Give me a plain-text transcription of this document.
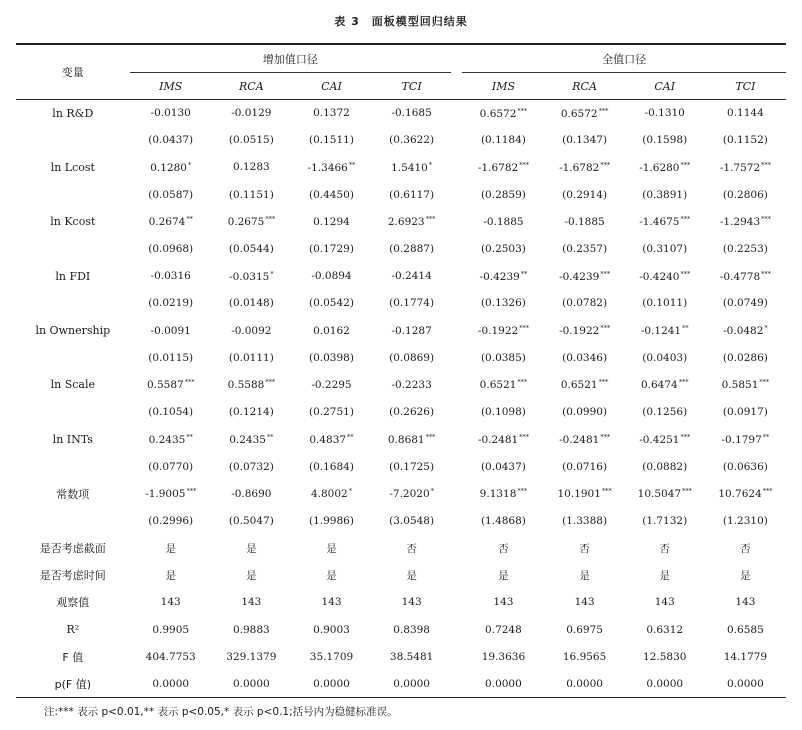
表 3 面板模型回归结果
变量	增加值口径					全值口径			
	IMS	RCA	CAI	TCI		IMS	RCA	CAI	TCI
ln R&D	-0.0130	-0.0129	0.1372	-0.1685		0.6572***	0.6572***	-0.1310	0.1144
	(0.0437)	(0.0515)	(0.1511)	(0.3622)		(0.1184)	(0.1347)	(0.1598)	(0.1152)
ln Lcost	0.1280*	0.1283	-1.3466**	1.5410*		-1.6782***	-1.6782***	-1.6280***	-1.7572***
	(0.0587)	(0.1151)	(0.4450)	(0.6117)		(0.2859)	(0.2914)	(0.3891)	(0.2806)
ln Kcost	0.2674**	0.2675***	0.1294	2.6923***		-0.1885	-0.1885	-1.4675***	-1.2943***
	(0.0968)	(0.0544)	(0.1729)	(0.2887)		(0.2503)	(0.2357)	(0.3107)	(0.2253)
ln FDI	-0.0316	-0.0315*	-0.0894	-0.2414		-0.4239**	-0.4239***	-0.4240***	-0.4778***
	(0.0219)	(0.0148)	(0.0542)	(0.1774)		(0.1326)	(0.0782)	(0.1011)	(0.0749)
ln Ownership	-0.0091	-0.0092	0.0162	-0.1287		-0.1922***	-0.1922***	-0.1241**	-0.0482*
	(0.0115)	(0.0111)	(0.0398)	(0.0869)		(0.0385)	(0.0346)	(0.0403)	(0.0286)
ln Scale	0.5587***	0.5588***	-0.2295	-0.2233		0.6521***	0.6521***	0.6474***	0.5851***
	(0.1054)	(0.1214)	(0.2751)	(0.2626)		(0.1098)	(0.0990)	(0.1256)	(0.0917)
ln INTs	0.2435**	0.2435**	0.4837**	0.8681***		-0.2481***	-0.2481***	-0.4251***	-0.1797**
	(0.0770)	(0.0732)	(0.1684)	(0.1725)		(0.0437)	(0.0716)	(0.0882)	(0.0636)
常数项	-1.9005***	-0.8690	4.8002*	-7.2020*		9.1318***	10.1901***	10.5047***	10.7624***
	(0.2996)	(0.5047)	(1.9986)	(3.0548)		(1.4868)	(1.3388)	(1.7132)	(1.2310)
是否考虑截面	是	是	是	否		否	否	否	否
是否考虑时间	是	是	是	是		是	是	是	是
观察值	143	143	143	143		143	143	143	143
R²	0.9905	0.9883	0.9003	0.8398		0.7248	0.6975	0.6312	0.6585
F 值	404.7753	329.1379	35.1709	38.5481		19.3636	16.9565	12.5830	14.1779
p(F 值)	0.0000	0.0000	0.0000	0.0000		0.0000	0.0000	0.0000	0.0000
注:*** 表示 p<0.01,** 表示 p<0.05,* 表示 p<0.1;括号内为稳健标准误。
